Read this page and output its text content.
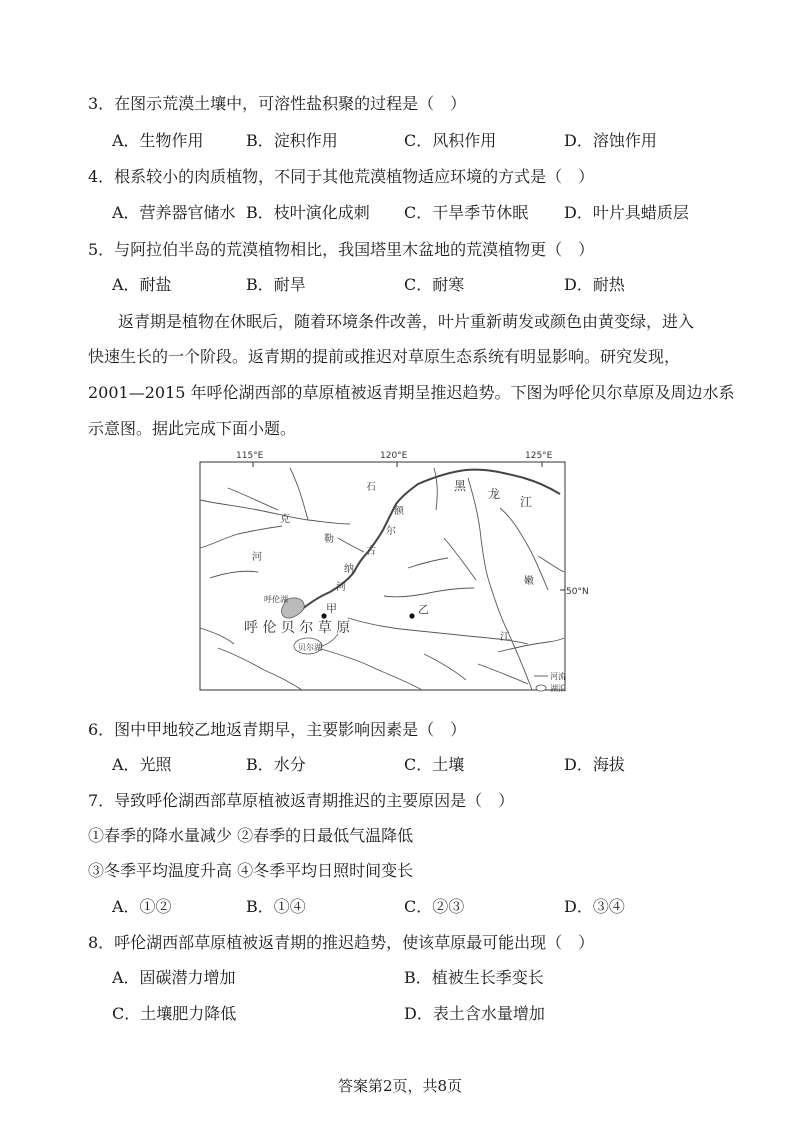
3．在图示荒漠土壤中，可溶性盐积聚的过程是（　）
A．生物作用	B．淀积作用	C．风积作用	D．溶蚀作用
4．根系较小的肉质植物，不同于其他荒漠植物适应环境的方式是（　）
A．营养器官储水 B．枝叶演化成刺 C．干旱季节休眠 D．叶片具蜡质层
5．与阿拉伯半岛的荒漠植物相比，我国塔里木盆地的荒漠植物更（　）
A．耐盐	B．耐旱	C．耐寒	D．耐热
返青期是植物在休眠后，随着环境条件改善，叶片重新萌发或颜色由黄变绿，进入
快速生长的一个阶段。返青期的提前或推迟对草原生态系统有明显影响。研究发现，
2001—2015 年呼伦湖西部的草原植被返青期呈推迟趋势。下图为呼伦贝尔草原及周边水系
示意图。据此完成下面小题。
115°E	120°E	125°E
50°N
石	黑
龙
江
额
克
勒
尔
古
纳
河
河
嫩
江
呼伦湖
贝尔湖
甲	乙
呼 伦 贝 尔 草 原
河流
湖泊
6．图中甲地较乙地返青期早，主要影响因素是（　）
A．光照	B．水分	C．土壤	D．海拔
7．导致呼伦湖西部草原植被返青期推迟的主要原因是（　）
①春季的降水量减少 ②春季的日最低气温降低
③冬季平均温度升高 ④冬季平均日照时间变长
A．①②	B．①④	C．②③	D．③④
8．呼伦湖西部草原植被返青期的推迟趋势，使该草原最可能出现（　）
A．固碳潜力增加	B．植被生长季变长
C．土壤肥力降低	D．表土含水量增加
答案第2页，共8页
